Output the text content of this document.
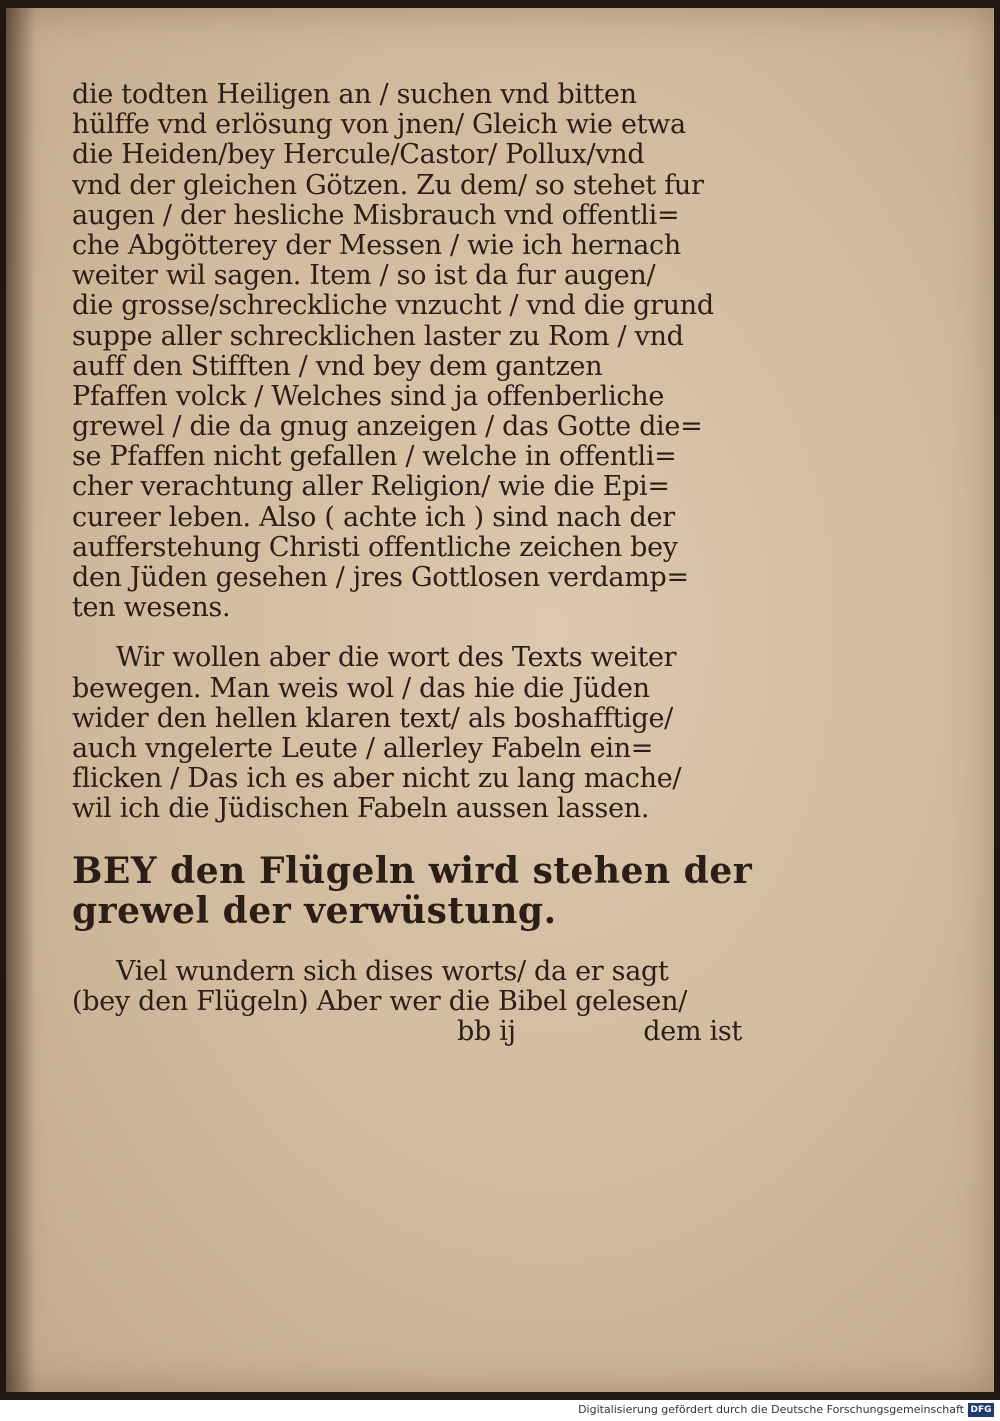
die todten Heiligen an / suchen vnd bitten
hülffe vnd erlösung von jnen/ Gleich wie etwa
die Heiden/bey Hercule/Castor/ Pollux/vnd
vnd der gleichen Götzen. Zu dem/ so stehet fur
augen / der hesliche Misbrauch vnd offentli=
che Abgötterey der Messen / wie ich hernach
weiter wil sagen. Item / so ist da fur augen/
die grosse/schreckliche vnzucht / vnd die grund
suppe aller schrecklichen laster zu Rom / vnd
auff den Stifften / vnd bey dem gantzen
Pfaffen volck / Welches sind ja offenberliche
grewel / die da gnug anzeigen / das Gotte die=
se Pfaffen nicht gefallen / welche in offentli=
cher verachtung aller Religion/ wie die Epi=
cureer leben. Also ( achte ich ) sind nach der
aufferstehung Christi offentliche zeichen bey
den Jüden gesehen / jres Gottlosen verdamp=
ten wesens.
Wir wollen aber die wort des Texts weiter
bewegen. Man weis wol / das hie die Jüden
wider den hellen klaren text/ als boshafftige/
auch vngelerte Leute / allerley Fabeln ein=
flicken / Das ich es aber nicht zu lang mache/
wil ich die Jüdischen Fabeln aussen lassen.
BEY den Flügeln wird stehen der
grewel der verwüstung.
Viel wundern sich dises worts/ da er sagt
(bey den Flügeln) Aber wer die Bibel gelesen/
bb ij	dem ist
Digitalisierung gefördert durch die Deutsche Forschungsgemeinschaft DFG
